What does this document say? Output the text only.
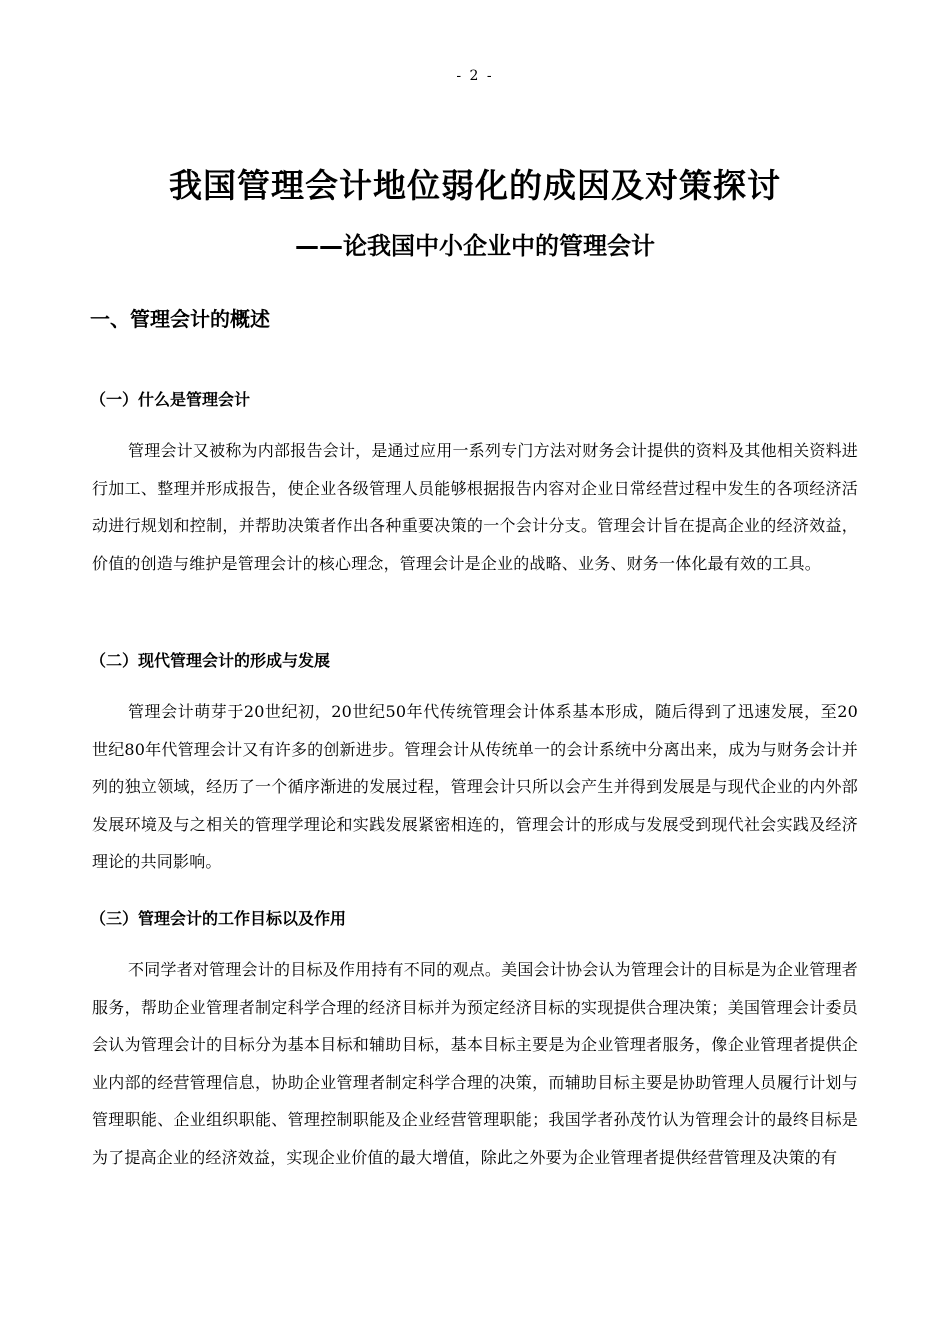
- 2 -
我国管理会计地位弱化的成因及对策探讨
——论我国中小企业中的管理会计
一、管理会计的概述
（一）什么是管理会计

管理会计又被称为内部报告会计，是通过应用一系列专门方法对财务会计提供的资料及其他相关资料进行加工、整理并形成报告，使企业各级管理人员能够根据报告内容对企业日常经营过程中发生的各项经济活动进行规划和控制，并帮助决策者作出各种重要决策的一个会计分支。管理会计旨在提高企业的经济效益，价值的创造与维护是管理会计的核心理念，管理会计是企业的战略、业务、财务一体化最有效的工具。

（二）现代管理会计的形成与发展

管理会计萌芽于20世纪初，20世纪50年代传统管理会计体系基本形成，随后得到了迅速发展，至20世纪80年代管理会计又有许多的创新进步。管理会计从传统单一的会计系统中分离出来，成为与财务会计并列的独立领域，经历了一个循序渐进的发展过程，管理会计只所以会产生并得到发展是与现代企业的内外部发展环境及与之相关的管理学理论和实践发展紧密相连的，管理会计的形成与发展受到现代社会实践及经济理论的共同影响。

（三）管理会计的工作目标以及作用

不同学者对管理会计的目标及作用持有不同的观点。美国会计协会认为管理会计的目标是为企业管理者服务，帮助企业管理者制定科学合理的经济目标并为预定经济目标的实现提供合理决策；美国管理会计委员会认为管理会计的目标分为基本目标和辅助目标，基本目标主要是为企业管理者服务，像企业管理者提供企业内部的经营管理信息，协助企业管理者制定科学合理的决策，而辅助目标主要是协助管理人员履行计划与管理职能、企业组织职能、管理控制职能及企业经营管理职能；我国学者孙茂竹认为管理会计的最终目标是为了提高企业的经济效益，实现企业价值的最大增值，除此之外要为企业管理者提供经营管理及决策的有
